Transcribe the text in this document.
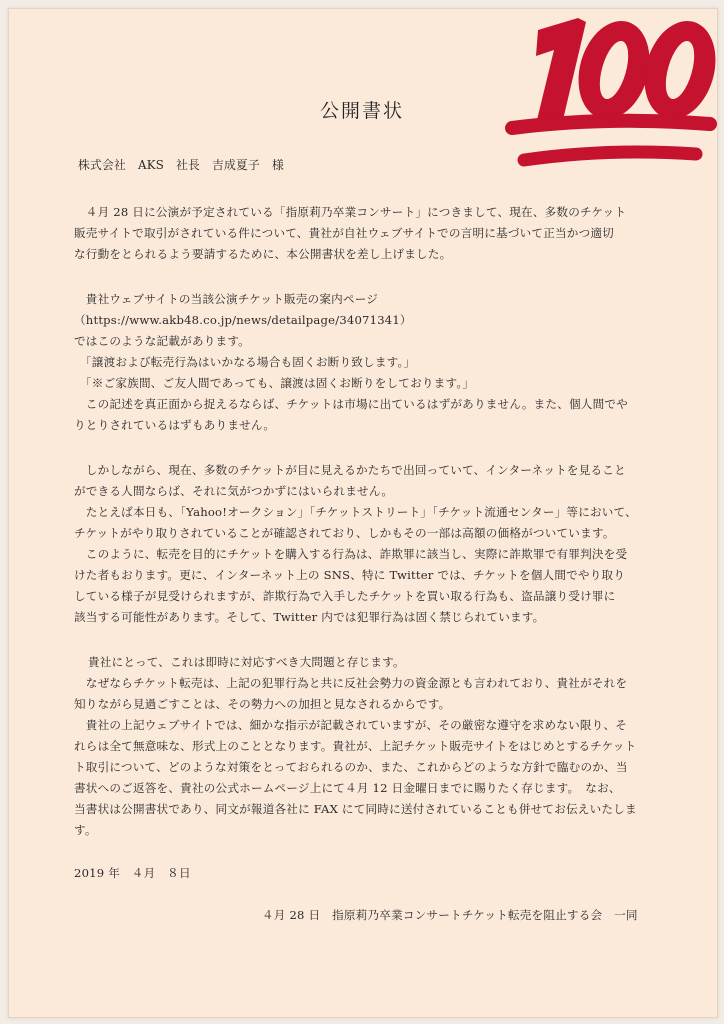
公開書状
株式会社　AKS　社長　吉成夏子　様
　４月 28 日に公演が予定されている「指原莉乃卒業コンサート」につきまして、現在、多数のチケット
販売サイトで取引がされている件について、貴社が自社ウェブサイトでの言明に基づいて正当かつ適切
な行動をとられるよう要請するために、本公開書状を差し上げました。
　貴社ウェブサイトの当該公演チケット販売の案内ページ
（https://www.akb48.co.jp/news/detailpage/34071341）
ではこのような記載があります。
　「譲渡および転売行為はいかなる場合も固くお断り致します。」
　「※ご家族間、ご友人間であっても、譲渡は固くお断りをしております。」
　この記述を真正面から捉えるならば、チケットは市場に出ているはずがありません。また、個人間でや
りとりされているはずもありません。
　しかしながら、現在、多数のチケットが目に見えるかたちで出回っていて、インターネットを見ること
ができる人間ならば、それに気がつかずにはいられません。
　たとえば本日も、「Yahoo!オークション」「チケットストリート」「チケット流通センター」等において、
チケットがやり取りされていることが確認されており、しかもその一部は高額の価格がついています。
　このように、転売を目的にチケットを購入する行為は、詐欺罪に該当し、実際に詐欺罪で有罪判決を受
けた者もおります。更に、インターネット上の SNS、特に Twitter では、チケットを個人間でやり取り
している様子が見受けられますが、詐欺行為で入手したチケットを買い取る行為も、盗品譲り受け罪に
該当する可能性があります。そして、Twitter 内では犯罪行為は固く禁じられています。
貴社にとって、これは即時に対応すべき大問題と存じます。
　なぜならチケット転売は、上記の犯罪行為と共に反社会勢力の資金源とも言われており、貴社がそれを
知りながら見過ごすことは、その勢力への加担と見なされるからです。
　貴社の上記ウェブサイトでは、細かな指示が記載されていますが、その厳密な遵守を求めない限り、そ
れらは全て無意味な、形式上のこととなります。貴社が、上記チケット販売サイトをはじめとするチケット
ト取引について、どのような対策をとっておられるのか、また、これからどのような方針で臨むのか、当
書状へのご返答を、貴社の公式ホームページ上にて４月 12 日金曜日までに賜りたく存じます。　なお、
当書状は公開書状であり、同文が報道各社に FAX にて同時に送付されていることも併せてお伝えいたしま
す。
2019 年　４月　８日
４月 28 日　指原莉乃卒業コンサートチケット転売を阻止する会　一同
